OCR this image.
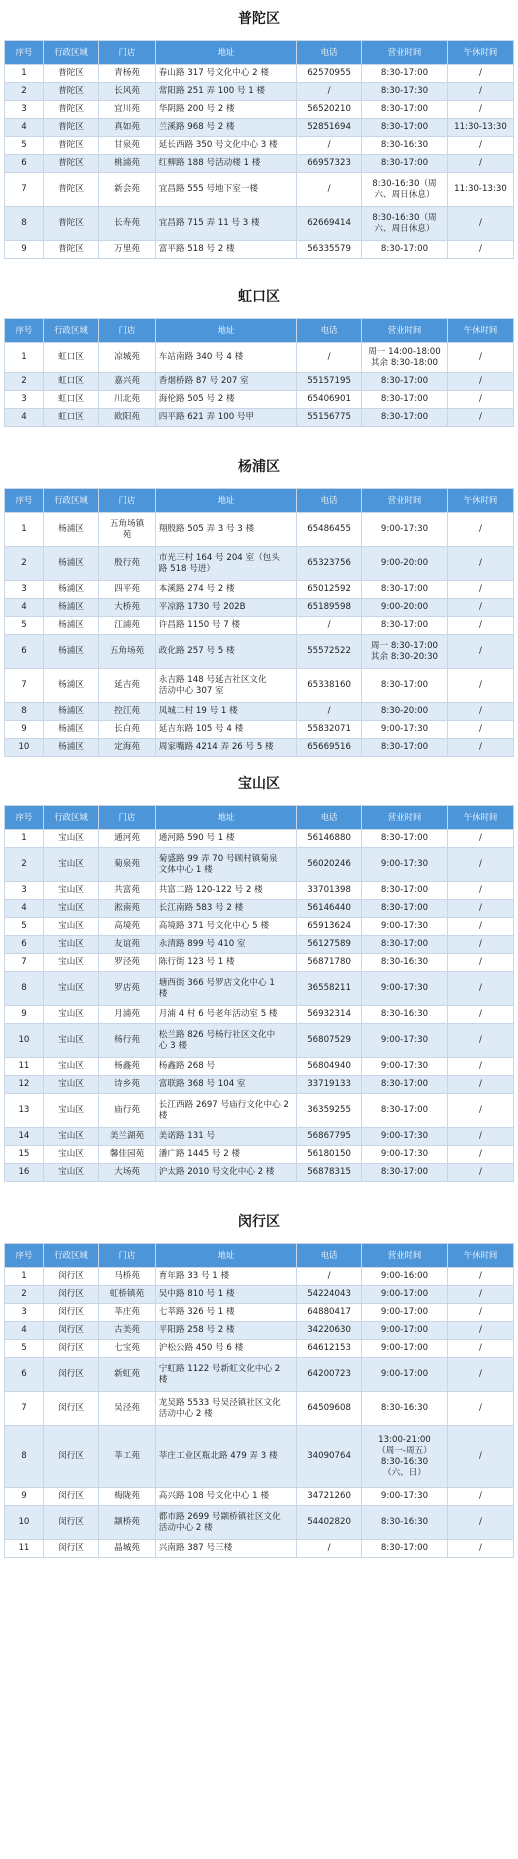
普陀区
序号	行政区域	门店	地址	电话	营业时间	午休时间
1	普陀区	青杨苑	春山路 317 号文化中心 2 楼	62570955	8:30-17:00	/
2	普陀区	长风苑	常阳路 251 弄 100 号 1 楼	/	8:30-17:30	/
3	普陀区	宜川苑	华阴路 200 号 2 楼	56520210	8:30-17:00	/
4	普陀区	真如苑	兰溪路 968 号 2 楼	52851694	8:30-17:00	11:30-13:30
5	普陀区	甘泉苑	延长西路 350 号文化中心 3 楼	/	8:30-16:30	/
6	普陀区	桃浦苑	红柳路 188 号活动楼 1 楼	66957323	8:30-17:00	/
7	普陀区	新会苑	宜昌路 555 号地下室一楼	/	8:30-16:30（周
六、周日休息）	11:30-13:30
8	普陀区	长寿苑	宜昌路 715 弄 11 号 3 楼	62669414	8:30-16:30（周
六、周日休息）	/
9	普陀区	万里苑	富平路 518 号 2 楼	56335579	8:30-17:00	/
虹口区
序号	行政区域	门店	地址	电话	营业时间	午休时间
1	虹口区	凉城苑	车站南路 340 号 4 楼	/	周一 14:00-18:00
其余 8:30-18:00	/
2	虹口区	嘉兴苑	香烟桥路 87 号 207 室	55157195	8:30-17:00	/
3	虹口区	川北苑	海伦路 505 号 2 楼	65406901	8:30-17:00	/
4	虹口区	欧阳苑	四平路 621 弄 100 号甲	55156775	8:30-17:00	/
杨浦区
序号	行政区域	门店	地址	电话	营业时间	午休时间
1	杨浦区	五角场镇
苑	翔殷路 505 弄 3 号 3 楼	65486455	9:00-17:30	/
2	杨浦区	殷行苑	市光三村 164 号 204 室（包头
路 518 号进）	65323756	9:00-20:00	/
3	杨浦区	四平苑	本溪路 274 号 2 楼	65012592	8:30-17:00	/
4	杨浦区	大桥苑	平凉路 1730 号 202B	65189598	9:00-20:00	/
5	杨浦区	江浦苑	许昌路 1150 号 7 楼	/	8:30-17:00	/
6	杨浦区	五角场苑	政化路 257 号 5 楼	55572522	周一 8:30-17:00
其余 8:30-20:30	/
7	杨浦区	延吉苑	永吉路 148 号延吉社区文化
活动中心 307 室	65338160	8:30-17:00	/
8	杨浦区	控江苑	凤城二村 19 号 1 楼	/	8:30-20:00	/
9	杨浦区	长白苑	延吉东路 105 号 4 楼	55832071	9:00-17:30	/
10	杨浦区	定海苑	周家嘴路 4214 弄 26 号 5 楼	65669516	8:30-17:00	/
宝山区
序号	行政区域	门店	地址	电话	营业时间	午休时间
1	宝山区	通河苑	通河路 590 号 1 楼	56146880	8:30-17:00	/
2	宝山区	菊泉苑	菊盛路 99 弄 70 号顾村镇菊泉
文体中心 1 楼	56020246	9:00-17:30	/
3	宝山区	共富苑	共富二路 120-122 号 2 楼	33701398	8:30-17:00	/
4	宝山区	淞南苑	长江南路 583 号 2 楼	56146440	8:30-17:00	/
5	宝山区	高境苑	高境路 371 号文化中心 5 楼	65913624	9:00-17:30	/
6	宝山区	友谊苑	永清路 899 号 410 室	56127589	8:30-17:00	/
7	宝山区	罗泾苑	陈行街 123 号 1 楼	56871780	8:30-16:30	/
8	宝山区	罗店苑	塘西街 366 号罗店文化中心 1
楼	36558211	9:00-17:30	/
9	宝山区	月浦苑	月浦 4 村 6 号老年活动室 5 楼	56932314	8:30-16:30	/
10	宝山区	杨行苑	松兰路 826 号杨行社区文化中
心 3 楼	56807529	9:00-17:30	/
11	宝山区	杨鑫苑	杨鑫路 268 号	56804940	9:00-17:30	/
12	宝山区	诗乡苑	富联路 368 号 104 室	33719133	8:30-17:00	/
13	宝山区	庙行苑	长江西路 2697 号庙行文化中心 2
楼	36359255	8:30-17:00	/
14	宝山区	美兰湖苑	美诺路 131 号	56867795	9:00-17:30	/
15	宝山区	馨佳园苑	潘广路 1445 号 2 楼	56180150	9:00-17:30	/
16	宝山区	大场苑	沪太路 2010 号文化中心 2 楼	56878315	8:30-17:00	/
闵行区
序号	行政区域	门店	地址	电话	营业时间	午休时间
1	闵行区	马桥苑	育年路 33 号 1 楼	/	9:00-16:00	/
2	闵行区	虹桥镇苑	吴中路 810 号 1 楼	54224043	9:00-17:00	/
3	闵行区	莘庄苑	七莘路 326 号 1 楼	64880417	9:00-17:00	/
4	闵行区	古美苑	平阳路 258 号 2 楼	34220630	9:00-17:00	/
5	闵行区	七宝苑	沪松公路 450 号 6 楼	64612153	9:00-17:00	/
6	闵行区	新虹苑	宁虹路 1122 号新虹文化中心 2
楼	64200723	9:00-17:00	/
7	闵行区	吴泾苑	龙吴路 5533 号吴泾镇社区文化
活动中心 2 楼	64509608	8:30-16:30	/
8	闵行区	莘工苑	莘庄工业区瓶北路 479 弄 3 楼	34090764	13:00-21:00
（周一-周五）
8:30-16:30
（六、日）	/
9	闵行区	梅陇苑	高兴路 108 号文化中心 1 楼	34721260	9:00-17:30	/
10	闵行区	颛桥苑	都市路 2699 号颛桥镇社区文化
活动中心 2 楼	54402820	8:30-16:30	/
11	闵行区	晶城苑	兴南路 387 号三楼	/	8:30-17:00	/
